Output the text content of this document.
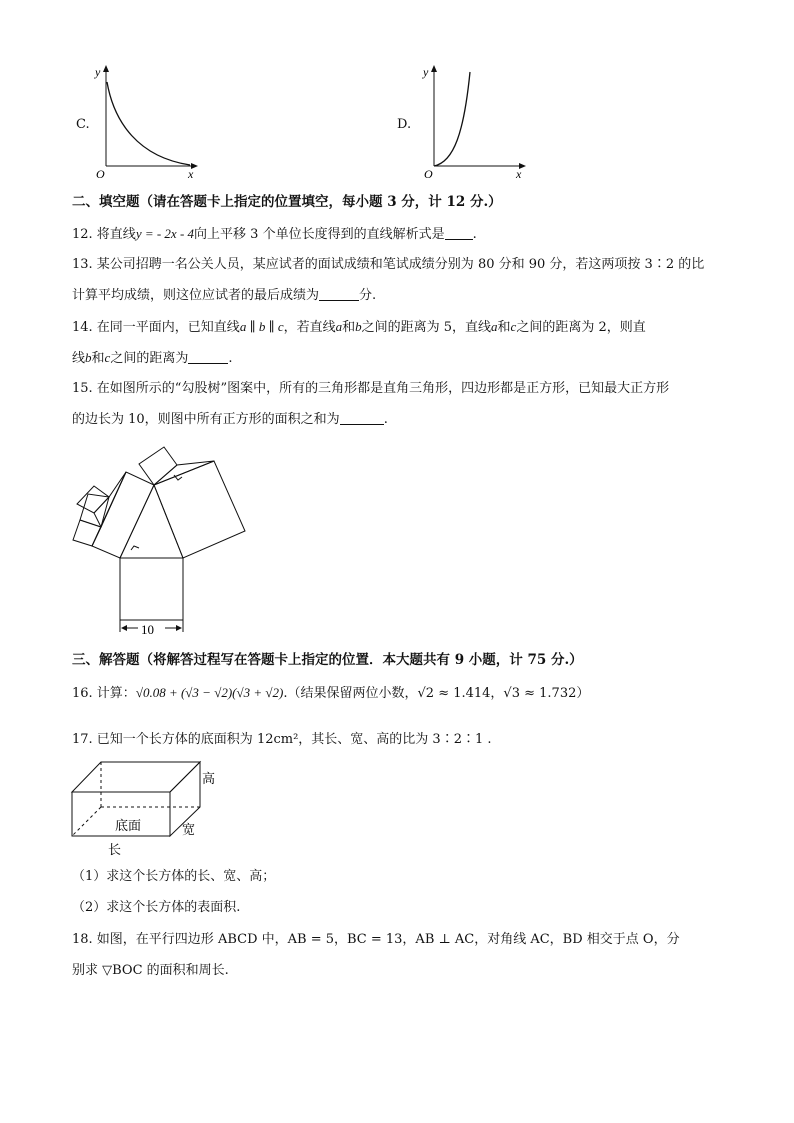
C.
y
x
O
D.
y
x
O
二、填空题（请在答题卡上指定的位置填空，每小题 3 分，计 12 分.）
12. 将直线y = - 2x - 4向上平移 3 个单位长度得到的直线解析式是 .
13. 某公司招聘一名公关人员，某应试者的面试成绩和笔试成绩分别为 80 分和 90 分，若这两项按 3∶2 的比
计算平均成绩，则这位应试者的最后成绩为	分.
14. 在同一平面内，已知直线a ∥ b ∥ c，若直线a和b之间的距离为 5，直线a和c之间的距离为 2，则直
线b和c之间的距离为	.
15. 在如图所示的“勾股树”图案中，所有的三角形都是直角三角形，四边形都是正方形，已知最大正方形
的边长为 10，则图中所有正方形的面积之和为	.
10
三、解答题（将解答过程写在答题卡上指定的位置．本大题共有 9 小题，计 75 分.）
16. 计算：√0.08 + (√3 − √2)(√3 + √2).（结果保留两位小数，√2 ≈ 1.414，√3 ≈ 1.732）
17. 已知一个长方体的底面积为 12cm²，其长、宽、高的比为 3∶2∶1 .
高
宽
底面
长
（1）求这个长方体的长、宽、高；
（2）求这个长方体的表面积.
18. 如图，在平行四边形 ABCD 中，AB = 5，BC = 13，AB ⊥ AC，对角线 AC，BD 相交于点 O，分
别求 ▽BOC 的面积和周长.
